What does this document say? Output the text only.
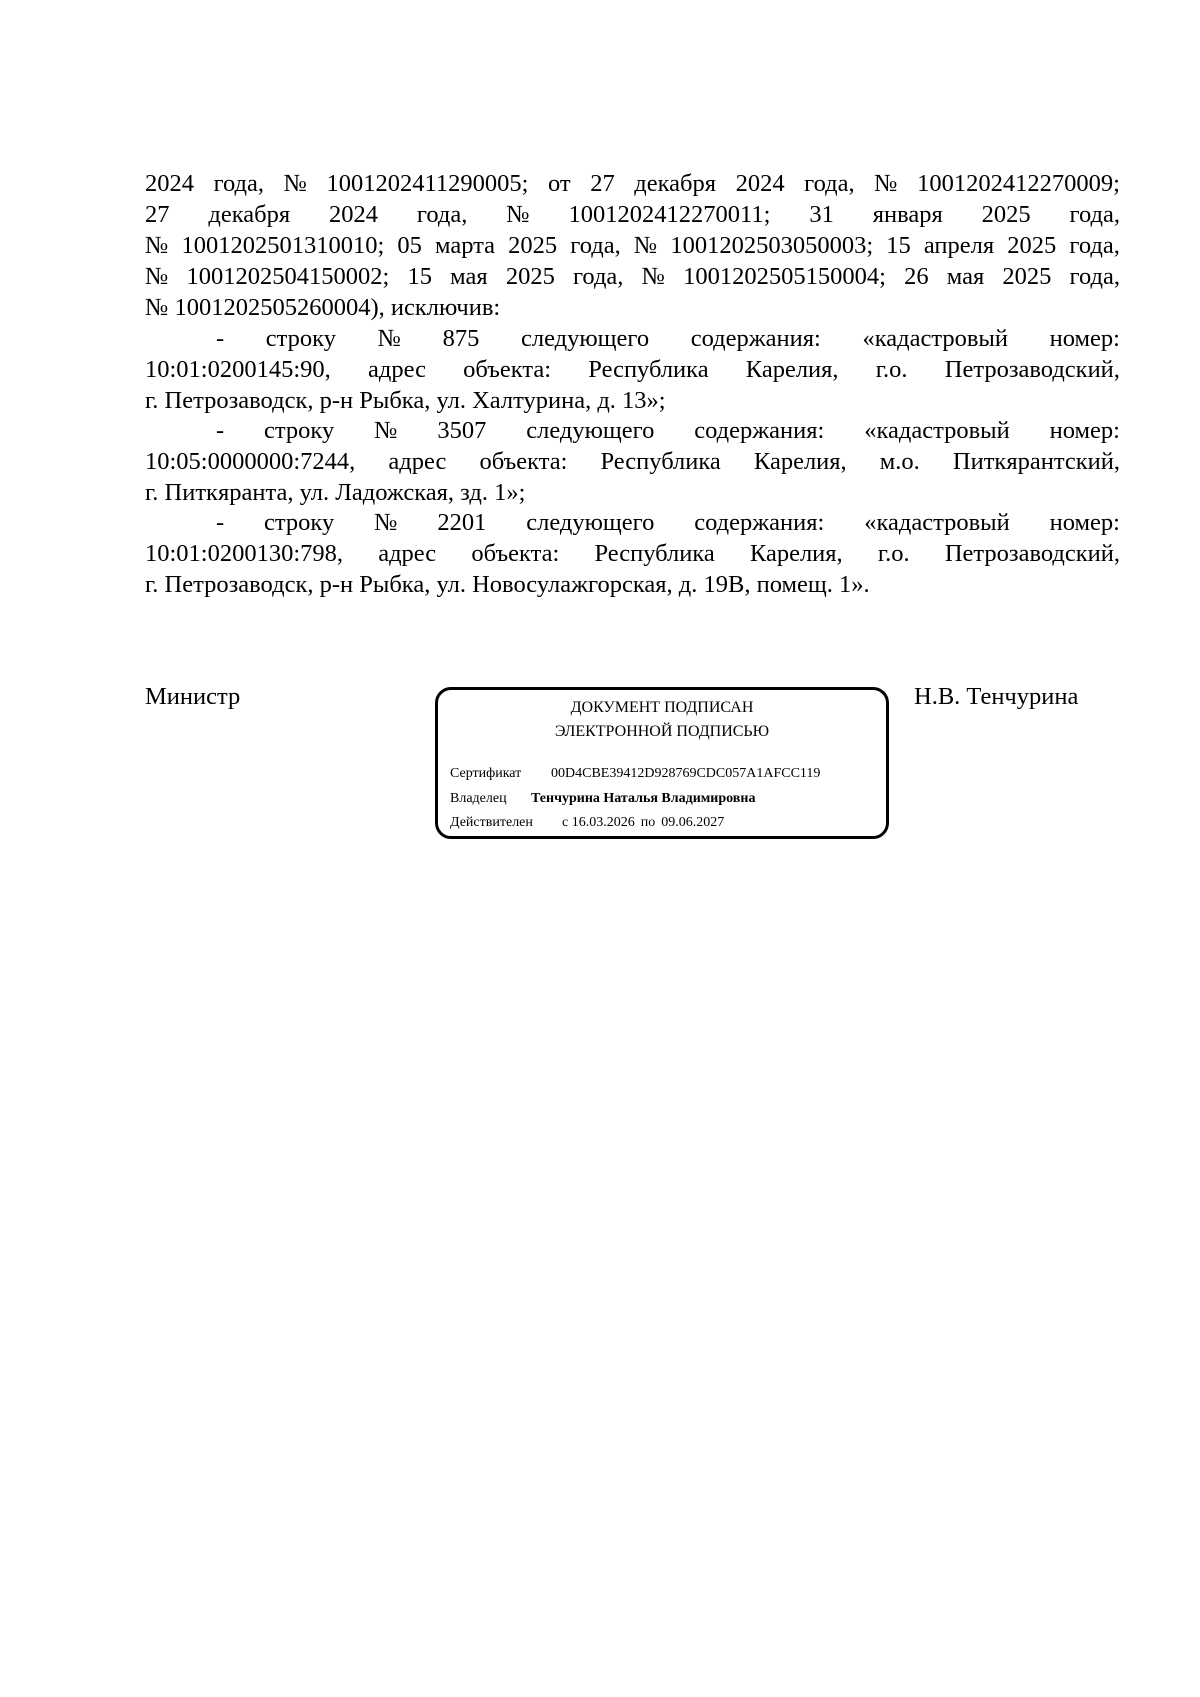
2024 года, № 1001202411290005; от 27 декабря 2024 года, № 1001202412270009;
27 декабря 2024 года, № 1001202412270011; 31 января 2025 года,
№ 1001202501310010; 05 марта 2025 года, № 1001202503050003; 15 апреля 2025 года,
№ 1001202504150002; 15 мая 2025 года, № 1001202505150004; 26 мая 2025 года,
№ 1001202505260004), исключив:
- строку № 875 следующего содержания: «кадастровый номер:
10:01:0200145:90, адрес объекта: Республика Карелия, г.о. Петрозаводский,
г. Петрозаводск, р-н Рыбка, ул. Халтурина, д. 13»;
- строку № 3507 следующего содержания: «кадастровый номер:
10:05:0000000:7244, адрес объекта: Республика Карелия, м.о. Питкярантский,
г. Питкяранта, ул. Ладожская, зд. 1»;
- строку № 2201 следующего содержания: «кадастровый номер:
10:01:0200130:798, адрес объекта: Республика Карелия, г.о. Петрозаводский,
г. Петрозаводск, р-н Рыбка, ул. Новосулажгорская, д. 19В, помещ. 1».
Министр	ДОКУМЕНТ ПОДПИСАН
ЭЛЕКТРОННОЙ ПОДПИСЬЮ
Сертификат 00D4CBE39412D928769CDC057A1AFCC119
Владелец Тенчурина Наталья Владимировна
Действителен с 16.03.2026 по 09.06.2027
Н.В. Тенчурина
